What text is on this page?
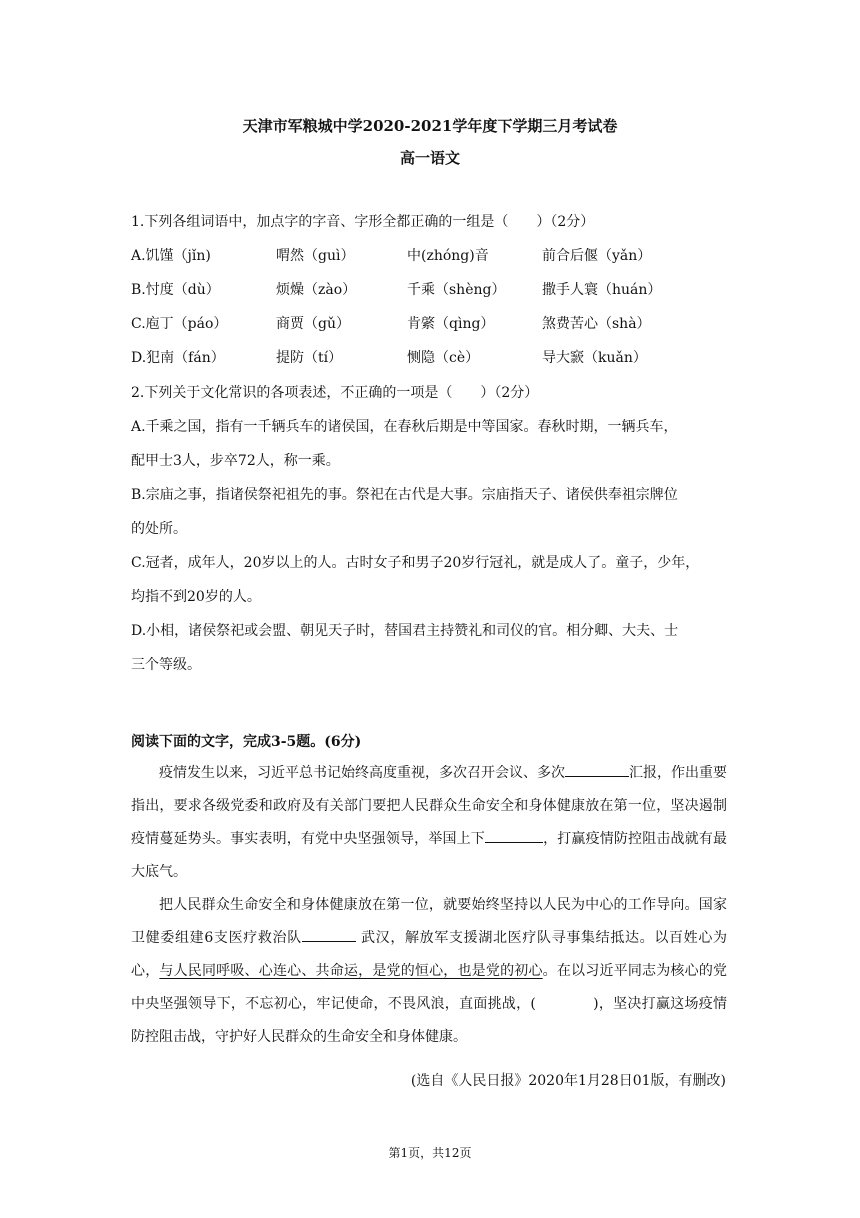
天津市军粮城中学2020-2021学年度下学期三月考试卷
高一语文
1.下列各组词语中，加点字的字音、字形全都正确的一组是（　　）（2分）
A.饥馑（jǐn)	喟然（guì）	中(zhóng)音	前合后偃（yǎn）
B.忖度（dù）	烦燥（zào）	千乘（shèng）	撒手人寰（huán）
C.庖丁（páo）	商贾（gǔ）	肯綮（qìng）	煞费苦心（shà）
D.犯南（fán）	提防（tí）	恻隐（cè）	导大窾（kuǎn）
2.下列关于文化常识的各项表述，不正确的一项是（　　）（2分）
A.千乘之国，指有一千辆兵车的诸侯国，在春秋后期是中等国家。春秋时期，一辆兵车，
配甲士3人，步卒72人，称一乘。
B.宗庙之事，指诸侯祭祀祖先的事。祭祀在古代是大事。宗庙指天子、诸侯供奉祖宗牌位
的处所。
C.冠者，成年人，20岁以上的人。古时女子和男子20岁行冠礼，就是成人了。童子，少年，
均指不到20岁的人。
D.小相，诸侯祭祀或会盟、朝见天子时，替国君主持赞礼和司仪的官。相分卿、大夫、士
三个等级。
阅读下面的文字，完成3-5题。(6分)

疫情发生以来，习近平总书记始终高度重视，多次召开会议、多次	汇报，作出重要指出，要求各级党委和政府及有关部门要把人民群众生命安全和身体健康放在第一位，坚决遏制疫情蔓延势头。事实表明，有党中央坚强领导，举国上下	，打赢疫情防控阻击战就有最大底气。

把人民群众生命安全和身体健康放在第一位，就要始终坚持以人民为中心的工作导向。国家卫健委组建6支医疗救治队	武汉，解放军支援湖北医疗队寻事集结抵达。以百姓心为心，与人民同呼吸、心连心、共命运，是党的恒心，也是党的初心。在以习近平同志为核心的党中央坚强领导下，不忘初心，牢记使命，不畏风浪，直面挑战，(　　　　)，坚决打赢这场疫情防控阻击战，守护好人民群众的生命安全和身体健康。

(选自《人民日报》2020年1月28日01版，有删改)
第1页，共12页
